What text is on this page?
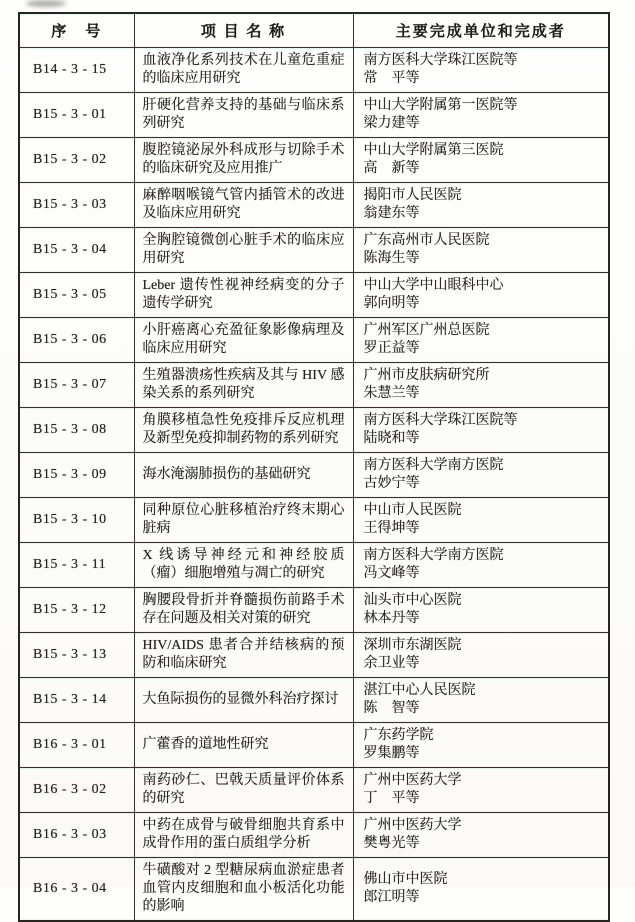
序　号	项 目 名 称	主要完成单位和完成者
B14 - 3 - 15	血液净化系列技术在儿童危重症的临床应用研究	南方医科大学珠江医院等
常　平等

B15 - 3 - 01	肝硬化营养支持的基础与临床系列研究	中山大学附属第一医院等
梁力建等

B15 - 3 - 02	腹腔镜泌尿外科成形与切除手术的临床研究及应用推广	中山大学附属第三医院
高　新等

B15 - 3 - 03	麻醉咽喉镜气管内插管术的改进及临床应用研究	揭阳市人民医院
翁建东等

B15 - 3 - 04	全胸腔镜微创心脏手术的临床应用研究	广东高州市人民医院
陈海生等

B15 - 3 - 05	Leber 遗传性视神经病变的分子遗传学研究	中山大学中山眼科中心
郭向明等

B15 - 3 - 06	小肝癌离心充盈征象影像病理及临床应用研究	广州军区广州总医院
罗正益等

B15 - 3 - 07	生殖器溃疡性疾病及其与 HIV 感染关系的系列研究	广州市皮肤病研究所
朱慧兰等

B15 - 3 - 08	角膜移植急性免疫排斥反应机理及新型免疫抑制药物的系列研究	南方医科大学珠江医院等
陆晓和等

B15 - 3 - 09	海水淹溺肺损伤的基础研究	南方医科大学南方医院
古妙宁等

B15 - 3 - 10	同种原位心脏移植治疗终末期心脏病	中山市人民医院
王得坤等

B15 - 3 - 11	X 线诱导神经元和神经胶质（瘤）细胞增殖与凋亡的研究	南方医科大学南方医院
冯文峰等

B15 - 3 - 12	胸腰段骨折并脊髓损伤前路手术存在问题及相关对策的研究	汕头市中心医院
林本丹等

B15 - 3 - 13	HIV/AIDS 患者合并结核病的预防和临床研究	深圳市东湖医院
余卫业等

B15 - 3 - 14	大鱼际损伤的显微外科治疗探讨	湛江中心人民医院
陈　智等

B16 - 3 - 01	广藿香的道地性研究	广东药学院
罗集鹏等

B16 - 3 - 02	南药砂仁、巴戟天质量评价体系的研究	广州中医药大学
丁　平等

B16 - 3 - 03	中药在成骨与破骨细胞共育系中成骨作用的蛋白质组学分析	广州中医药大学
樊粤光等

B16 - 3 - 04	牛磺酸对 2 型糖尿病血淤症患者血管内皮细胞和血小板活化功能的影响	佛山市中医院
郎江明等
